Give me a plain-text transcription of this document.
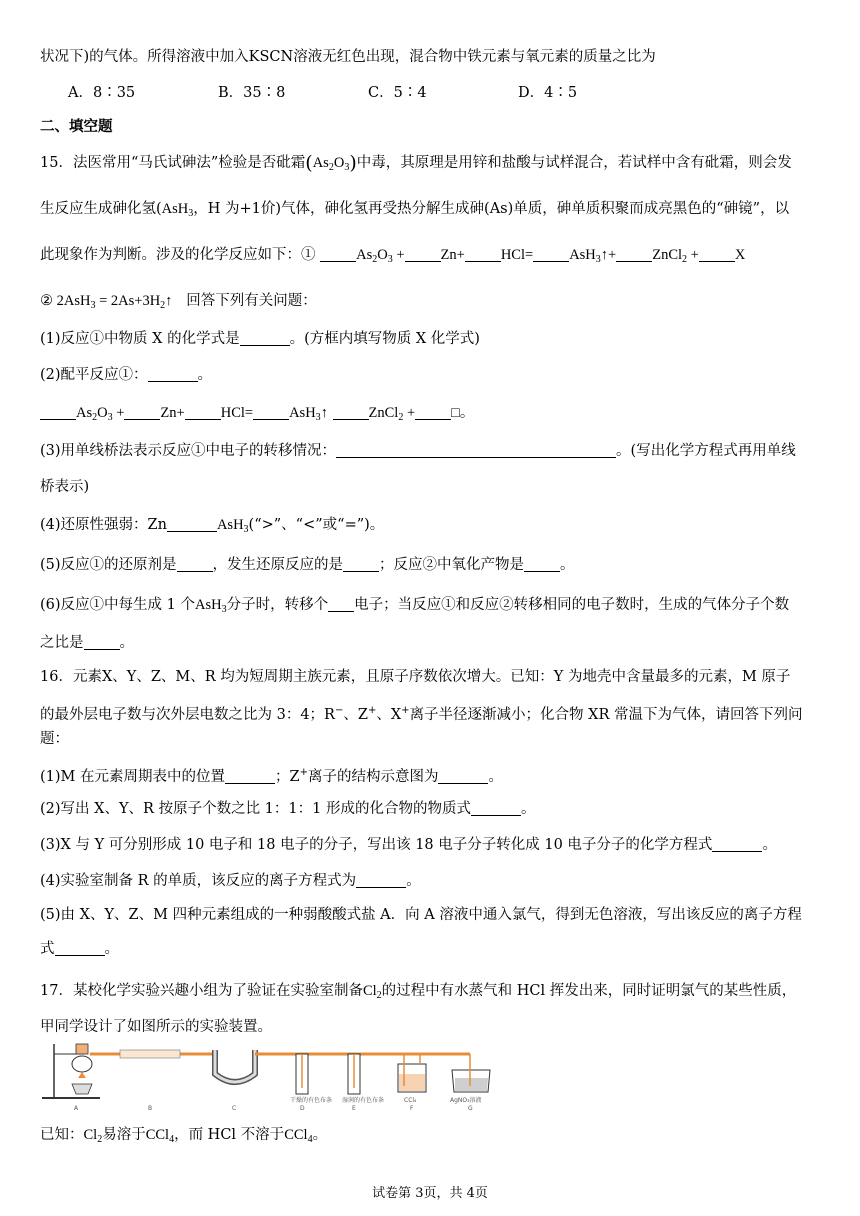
状况下)的气体。所得溶液中加入KSCN溶液无红色出现，混合物中铁元素与氧元素的质量之比为
A．8∶35	B．35∶8	C．5∶4	D．4∶5
二、填空题
15．法医常用“马氏试砷法”检验是否砒霜$(As_2O_3)$中毒，其原理是用锌和盐酸与试样混合，若试样中含有砒霜，则会发
生反应生成砷化氢(AsH$_3$，H 为+1价)气体，砷化氢再受热分解生成砷(As)单质，砷单质积聚而成亮黑色的“砷镜”，以
此现象作为判断。涉及的化学反应如下：①	$As_2O_3 + Zn+ HCl=$ AsH$_3$↑+ ZnCl$_2$ + X
② $2AsH_3 = 2As+3H_2↑$ 回答下列有关问题：
(1)反应①中物质 X 的化学式是	。(方框内填写物质 X 化学式)
(2)配平反应①：	。
$As_2O_3 + Zn+ HCl=$ AsH$_3$↑	ZnCl$_2$ + □。
(3)用单线桥法表示反应①中电子的转移情况：	。(写出化学方程式再用单线
桥表示)
(4)还原性强弱：Zn	AsH$_3$(“>”、“<”或“=”)。
(5)反应①的还原剂是 ，发生还原反应的是 ；反应②中氧化产物是 。
(6)反应①中每生成 1 个AsH$_3$分子时，转移个 电子；当反应①和反应②转移相同的电子数时，生成的气体分子个数
之比是 。
16．元素X、Y、Z、M、R 均为短周期主族元素，且原子序数依次增大。已知：Y 为地壳中含量最多的元素，M 原子
的最外层电子数与次外层电数之比为 3：4；R−、Z+、X+离子半径逐渐减小；化合物 XR 常温下为气体，请回答下列问
题：
(1)M 在元素周期表中的位置	；Z+离子的结构示意图为	。
(2)写出 X、Y、R 按原子个数之比 1：1：1 形成的化合物的物质式	。
(3)X 与 Y 可分别形成 10 电子和 18 电子的分子，写出该 18 电子分子转化成 10 电子分子的化学方程式	。
(4)实验室制备 R 的单质，该反应的离子方程式为	。
(5)由 X、Y、Z、M 四种元素组成的一种弱酸酸式盐 A．向 A 溶液中通入氯气，得到无色溶液，写出该反应的离子方程
式	。
17．某校化学实验兴趣小组为了验证在实验室制备$Cl_2$的过程中有水蒸气和 HCl 挥发出来，同时证明氯气的某些性质，
甲同学设计了如图所示的实验装置。
干燥的有色布条 湿润的有色布条	CCl₄	AgNO₃溶液
A	B	C	D	E	F	G
已知：$Cl_2$易溶于CCl$_4$，而 HCl 不溶于CCl$_4$。
试卷第 3页，共 4页
